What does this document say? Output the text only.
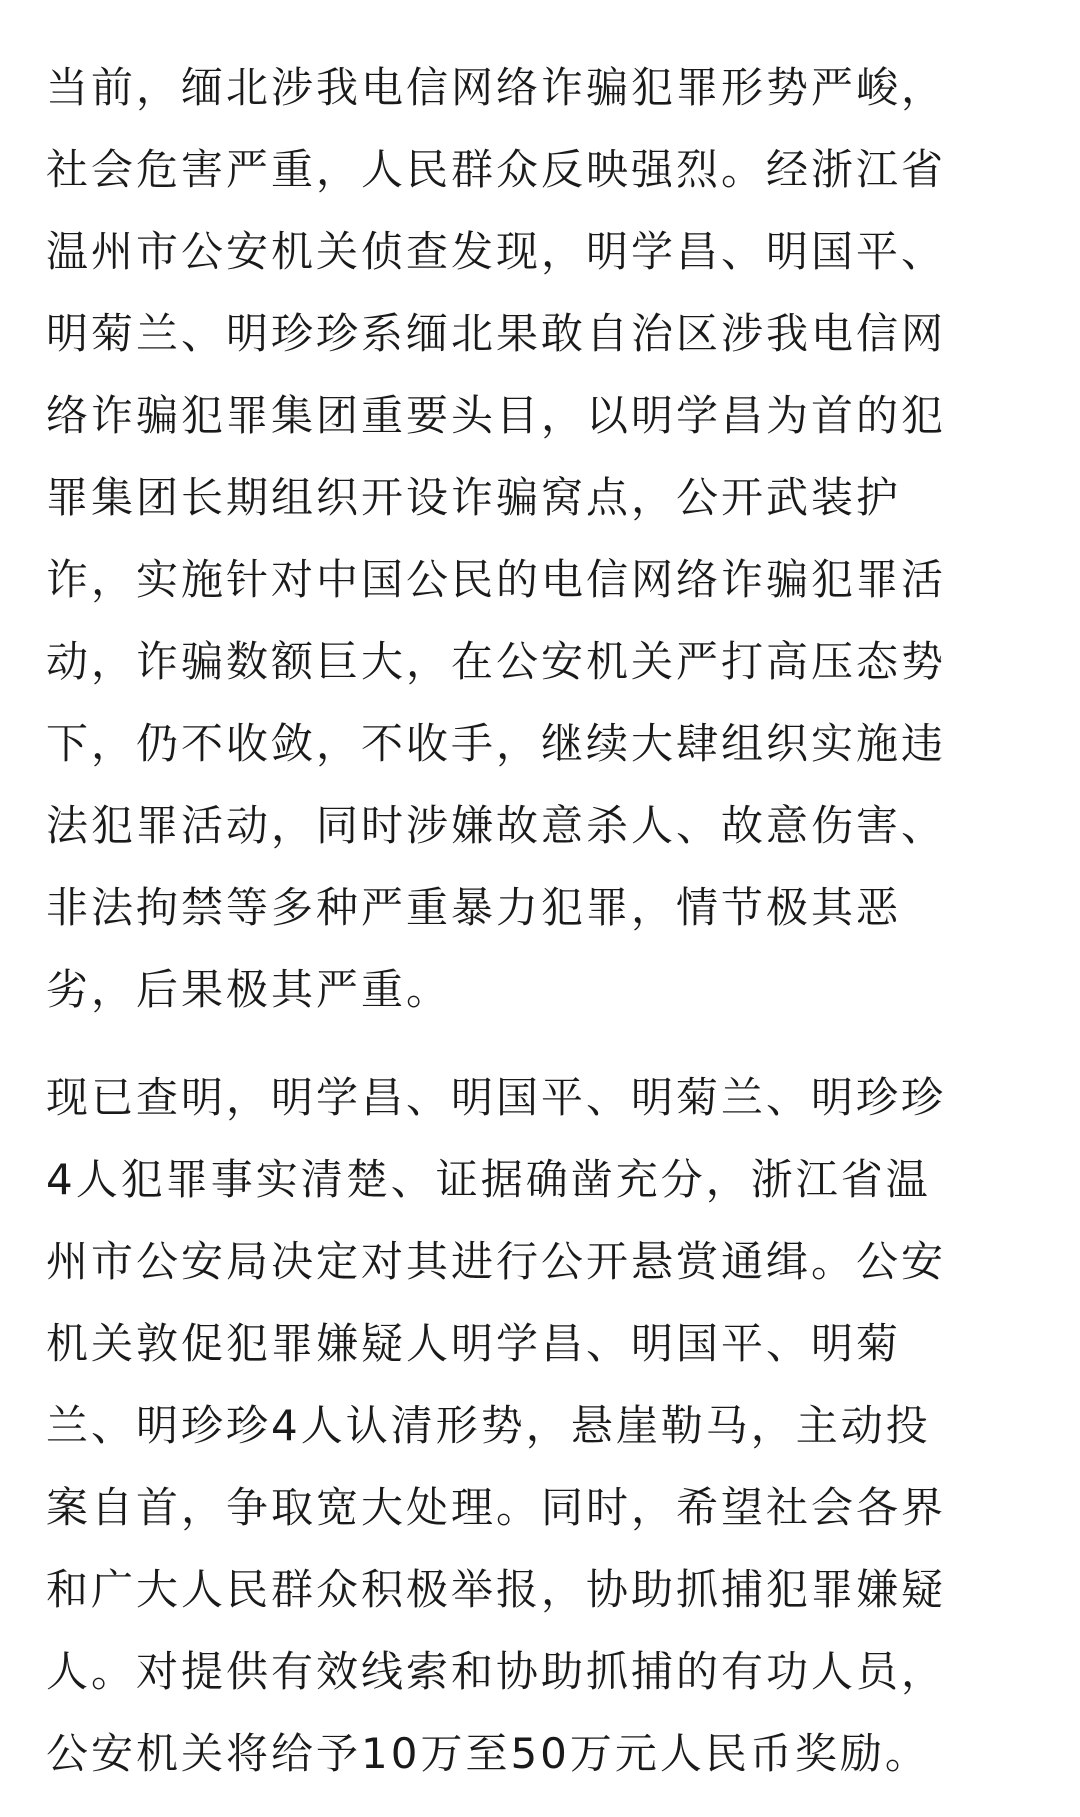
当前，缅北涉我电信网络诈骗犯罪形势严峻，
社会危害严重，人民群众反映强烈。经浙江省
温州市公安机关侦查发现，明学昌、明国平、
明菊兰、明珍珍系缅北果敢自治区涉我电信网
络诈骗犯罪集团重要头目，以明学昌为首的犯
罪集团长期组织开设诈骗窝点，公开武装护
诈，实施针对中国公民的电信网络诈骗犯罪活
动，诈骗数额巨大，在公安机关严打高压态势
下，仍不收敛，不收手，继续大肆组织实施违
法犯罪活动，同时涉嫌故意杀人、故意伤害、
非法拘禁等多种严重暴力犯罪，情节极其恶
劣，后果极其严重。
现已查明，明学昌、明国平、明菊兰、明珍珍
4人犯罪事实清楚、证据确凿充分，浙江省温
州市公安局决定对其进行公开悬赏通缉。公安
机关敦促犯罪嫌疑人明学昌、明国平、明菊
兰、明珍珍4人认清形势，悬崖勒马，主动投
案自首，争取宽大处理。同时，希望社会各界
和广大人民群众积极举报，协助抓捕犯罪嫌疑
人。对提供有效线索和协助抓捕的有功人员，
公安机关将给予10万至50万元人民币奖励。
